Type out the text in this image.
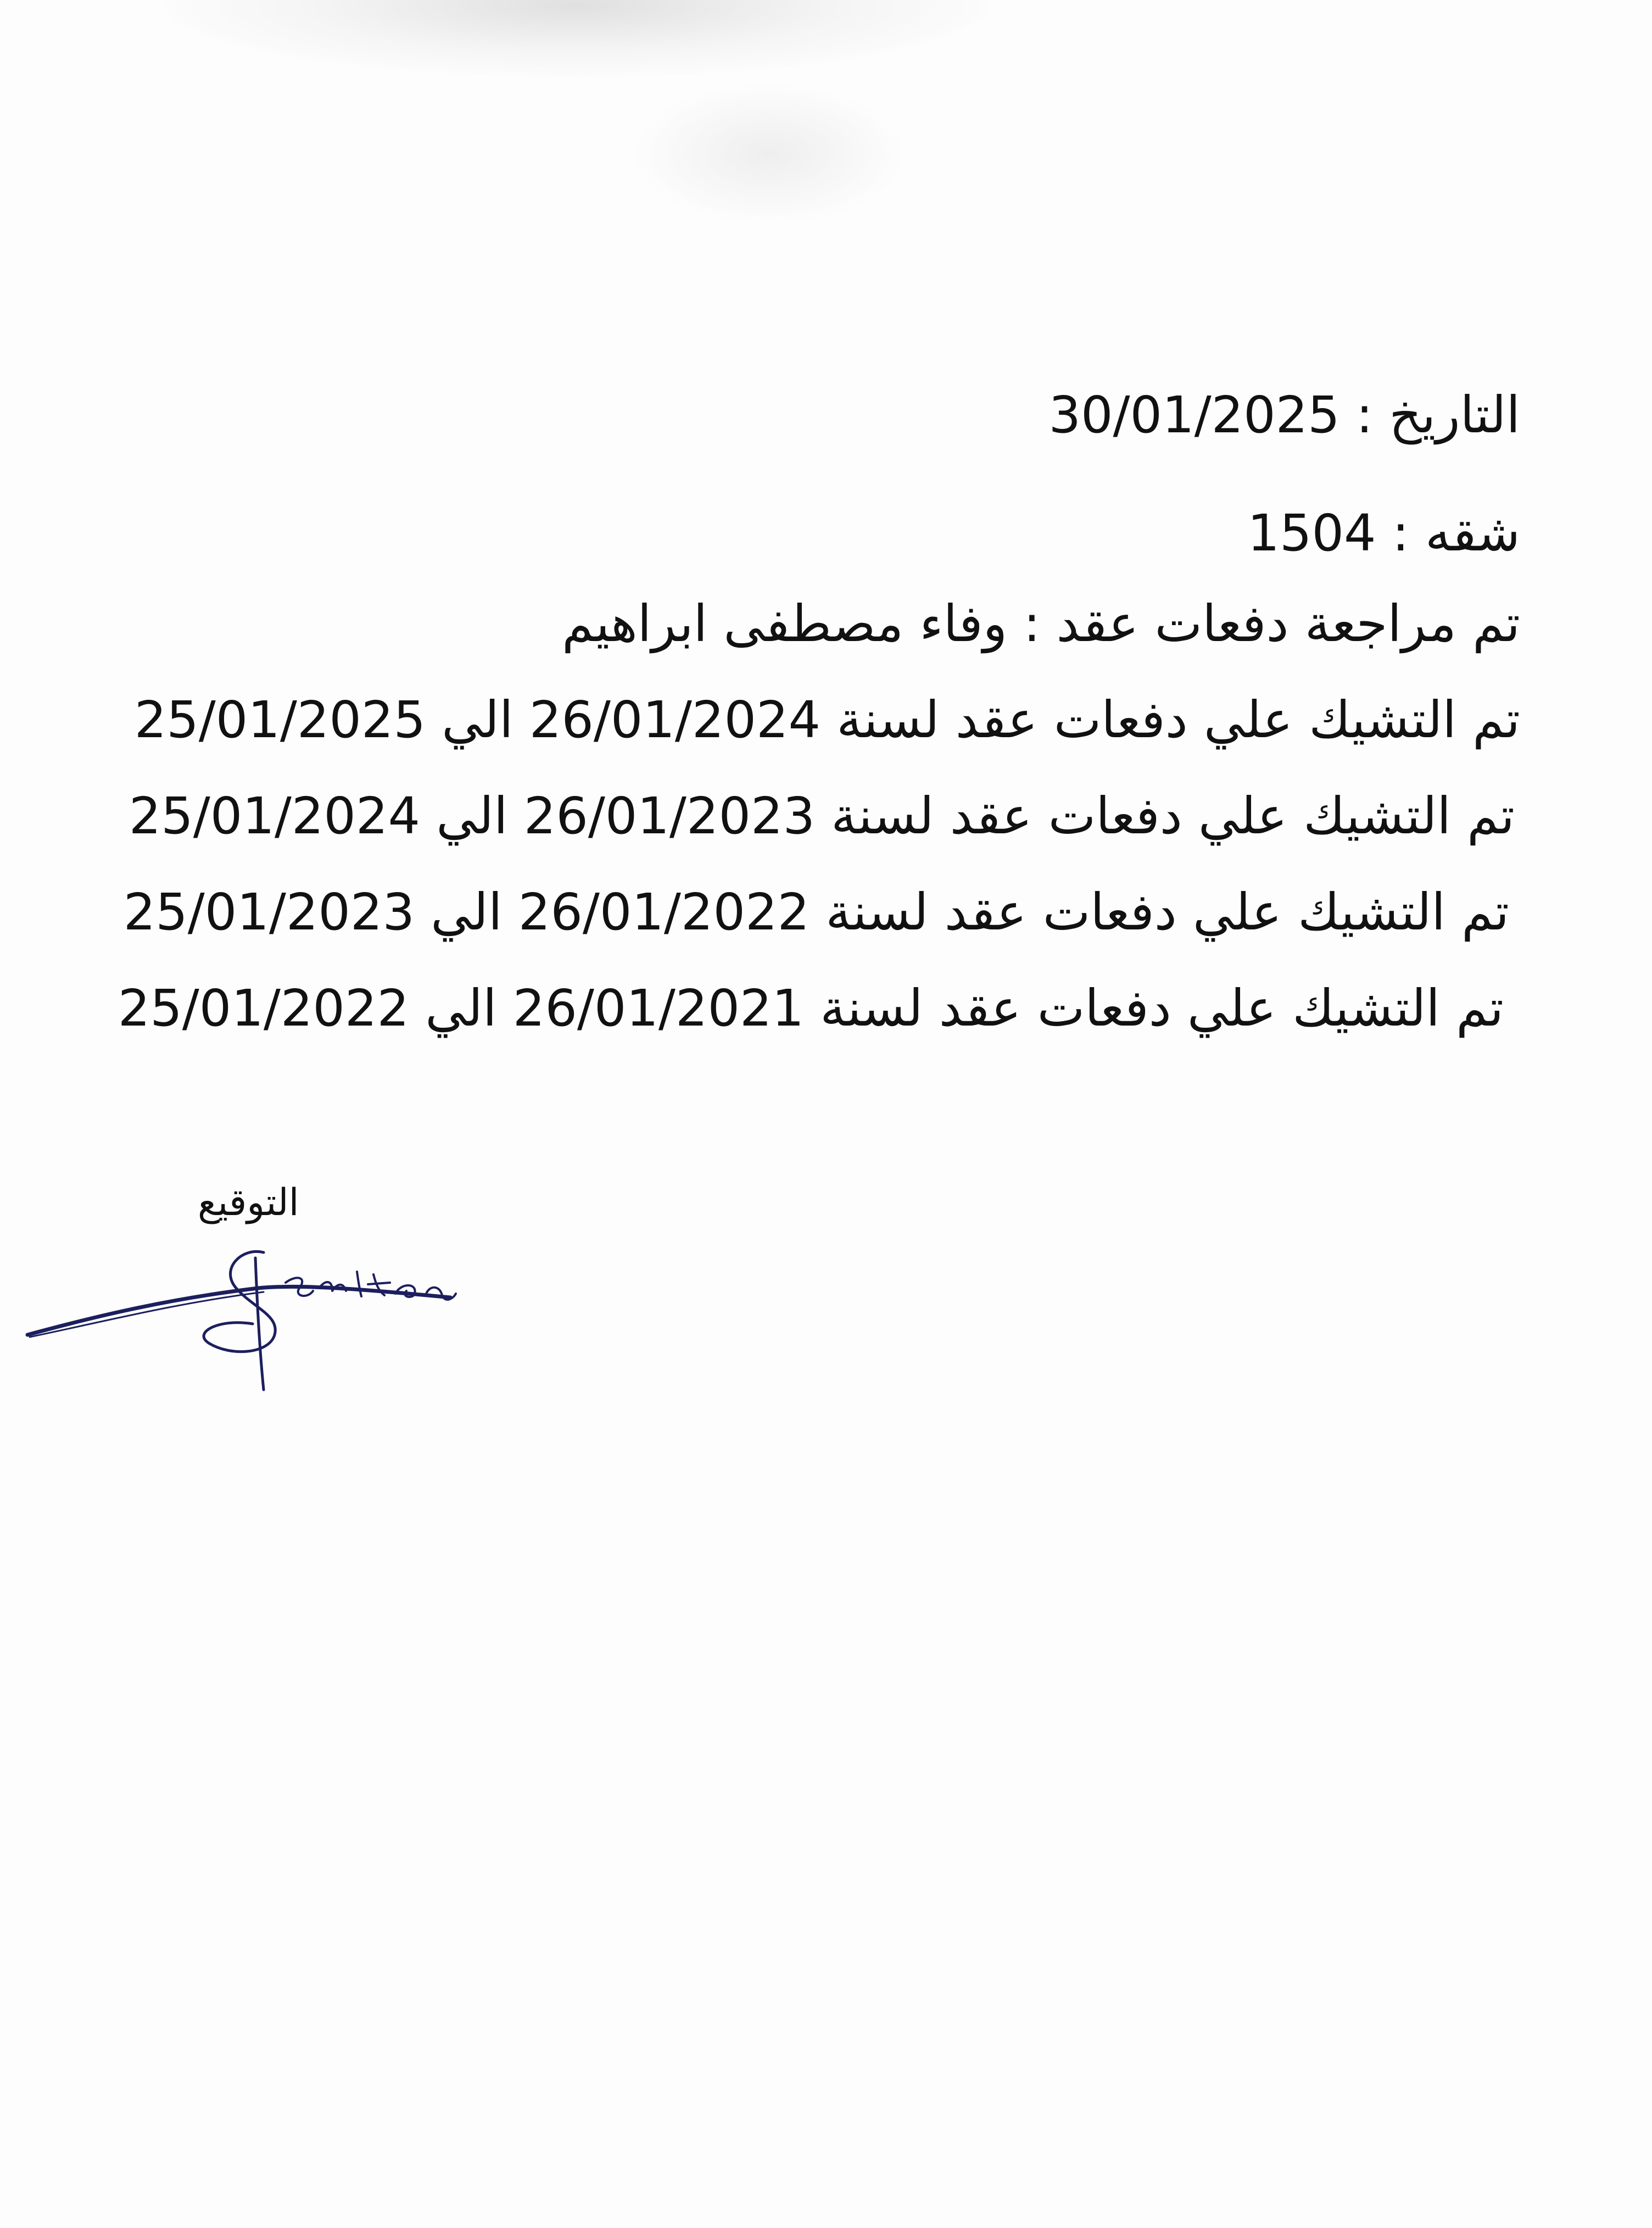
التاريخ : 30/01/2025
شقه : 1504
تم مراجعة دفعات عقد : وفاء مصطفى ابراهيم
تم التشيك علي دفعات عقد لسنة 26/01/2024 الي 25/01/2025
تم التشيك علي دفعات عقد لسنة 26/01/2023 الي 25/01/2024
تم التشيك علي دفعات عقد لسنة 26/01/2022 الي 25/01/2023
تم التشيك علي دفعات عقد لسنة 26/01/2021 الي 25/01/2022
التوقيع
